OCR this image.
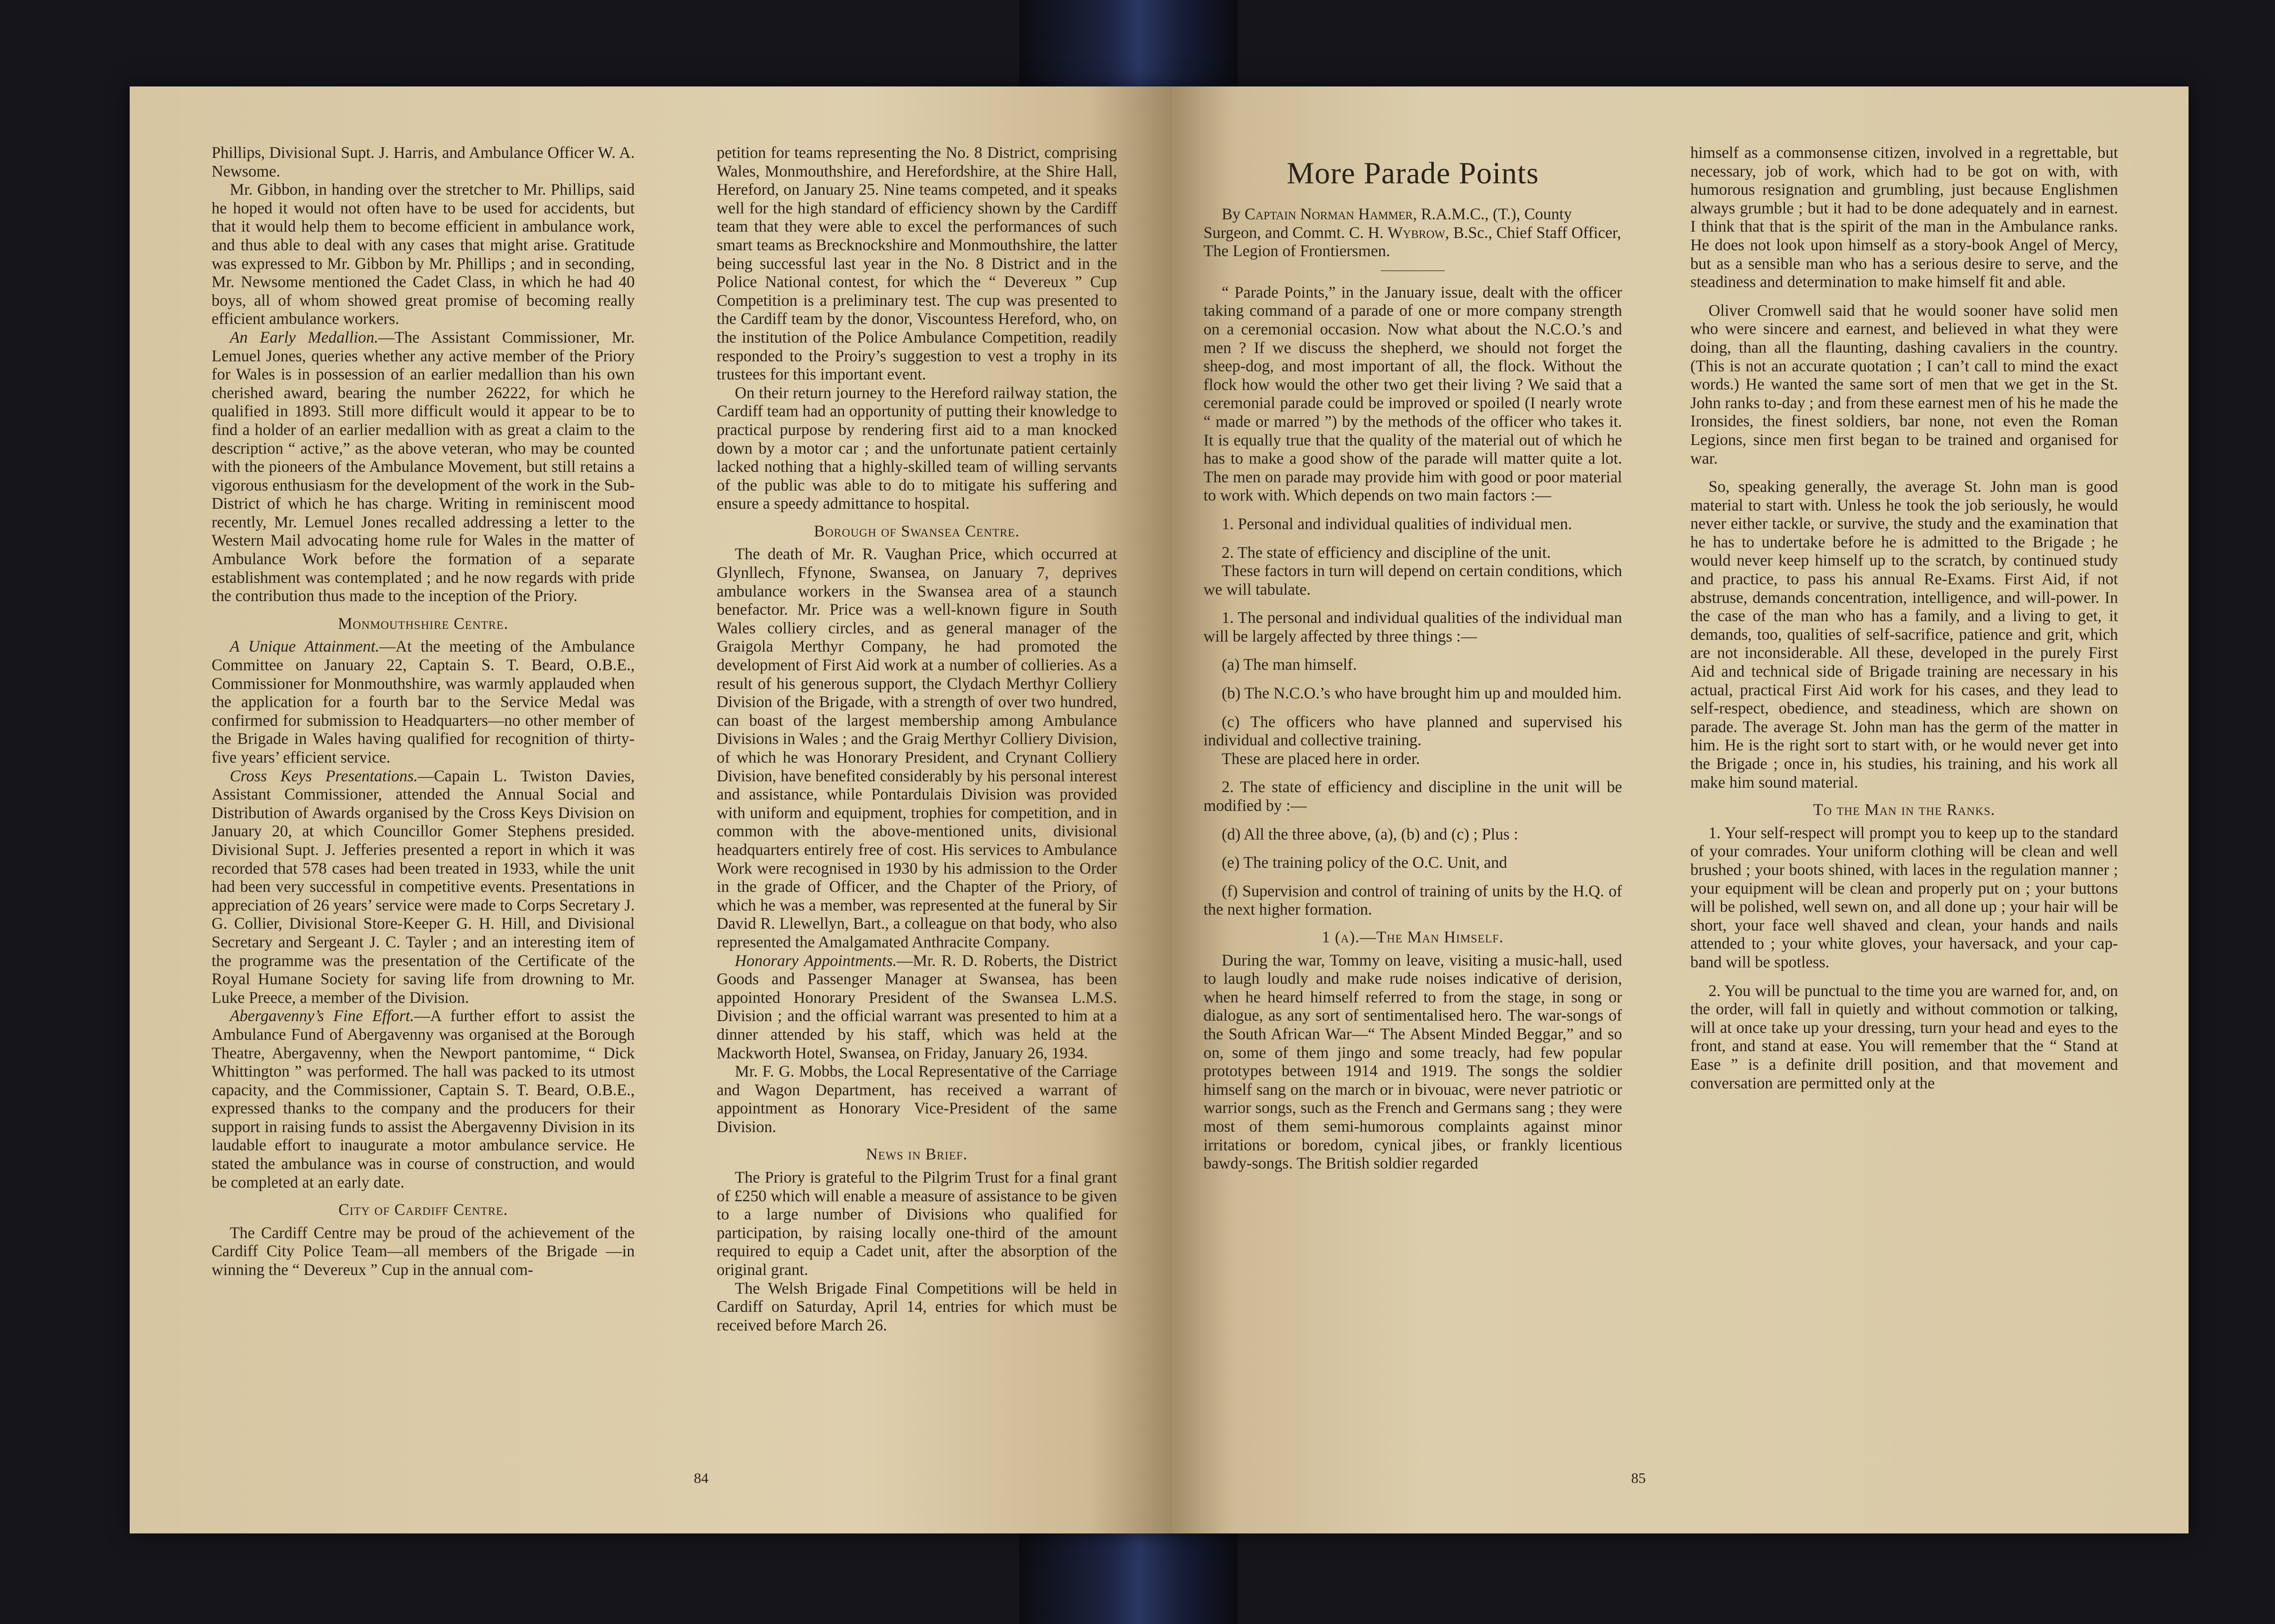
Phillips, Divisional Supt. J. Harris, and Ambulance Officer W. A. Newsome.

Mr. Gibbon, in handing over the stretcher to Mr. Phillips, said he hoped it would not often have to be used for accidents, but that it would help them to become efficient in ambulance work, and thus able to deal with any cases that might arise. Gratitude was expressed to Mr. Gibbon by Mr. Phillips ; and in seconding, Mr. Newsome mentioned the Cadet Class, in which he had 40 boys, all of whom showed great promise of becoming really efficient ambulance workers.

An Early Medallion.—The Assistant Commissioner, Mr. Lemuel Jones, queries whether any active member of the Priory for Wales is in possession of an earlier medallion than his own cherished award, bearing the number 26222, for which he qualified in 1893. Still more difficult would it appear to be to find a holder of an earlier medallion with as great a claim to the description “ active,” as the above veteran, who may be counted with the pioneers of the Ambulance Movement, but still retains a vigorous enthusiasm for the development of the work in the Sub-District of which he has charge. Writing in reminiscent mood recently, Mr. Lemuel Jones recalled addressing a letter to the Western Mail advocating home rule for Wales in the matter of Ambulance Work before the formation of a separate establishment was contemplated ; and he now regards with pride the contribution thus made to the inception of the Priory.

Monmouthshire Centre.

A Unique Attainment.—At the meeting of the Ambulance Committee on January 22, Captain S. T. Beard, O.B.E., Commissioner for Monmouthshire, was warmly applauded when the application for a fourth bar to the Service Medal was confirmed for submission to Headquarters—no other member of the Brigade in Wales having qualified for recognition of thirty-five years’ efficient service.

Cross Keys Presentations.—Capain L. Twiston Davies, Assistant Commissioner, attended the Annual Social and Distribution of Awards organised by the Cross Keys Division on January 20, at which Councillor Gomer Stephens presided. Divisional Supt. J. Jefferies presented a report in which it was recorded that 578 cases had been treated in 1933, while the unit had been very successful in competitive events. Presentations in appreciation of 26 years’ service were made to Corps Secretary J. G. Collier, Divisional Store-Keeper G. H. Hill, and Divisional Secretary and Sergeant J. C. Tayler ; and an interesting item of the programme was the presentation of the Certificate of the Royal Humane Society for saving life from drowning to Mr. Luke Preece, a member of the Division.

Abergavenny’s Fine Effort.—A further effort to assist the Ambulance Fund of Abergavenny was organised at the Borough Theatre, Abergavenny, when the Newport pantomime, “ Dick Whittington ” was performed. The hall was packed to its utmost capacity, and the Commissioner, Captain S. T. Beard, O.B.E., expressed thanks to the company and the producers for their support in raising funds to assist the Abergavenny Division in its laudable effort to inaugurate a motor ambulance service. He stated the ambulance was in course of construction, and would be completed at an early date.

City of Cardiff Centre.

The Cardiff Centre may be proud of the achievement of the Cardiff City Police Team—all members of the Brigade —in winning the “ Devereux ” Cup in the annual com-

petition for teams representing the No. 8 District, comprising Wales, Monmouthshire, and Herefordshire, at the Shire Hall, Hereford, on January 25. Nine teams competed, and it speaks well for the high standard of efficiency shown by the Cardiff team that they were able to excel the performances of such smart teams as Brecknockshire and Monmouthshire, the latter being successful last year in the No. 8 District and in the Police National contest, for which the “ Devereux ” Cup Competition is a preliminary test. The cup was presented to the Cardiff team by the donor, Viscountess Hereford, who, on the institution of the Police Ambulance Competition, readily responded to the Proiry’s suggestion to vest a trophy in its trustees for this important event.

On their return journey to the Hereford railway station, the Cardiff team had an opportunity of putting their knowledge to practical purpose by rendering first aid to a man knocked down by a motor car ; and the unfortunate patient certainly lacked nothing that a highly-skilled team of willing servants of the public was able to do to mitigate his suffering and ensure a speedy admittance to hospital.

Borough of Swansea Centre.

The death of Mr. R. Vaughan Price, which occurred at Glynllech, Ffynone, Swansea, on January 7, deprives ambulance workers in the Swansea area of a staunch benefactor. Mr. Price was a well-known figure in South Wales colliery circles, and as general manager of the Graigola Merthyr Company, he had promoted the development of First Aid work at a number of collieries. As a result of his generous support, the Clydach Merthyr Colliery Division of the Brigade, with a strength of over two hundred, can boast of the largest membership among Ambulance Divisions in Wales ; and the Graig Merthyr Colliery Division, of which he was Honorary President, and Crynant Colliery Division, have benefited considerably by his personal interest and assistance, while Pontardulais Division was provided with uniform and equipment, trophies for competition, and in common with the above-mentioned units, divisional headquarters entirely free of cost. His services to Ambulance Work were recognised in 1930 by his admission to the Order in the grade of Officer, and the Chapter of the Priory, of which he was a member, was represented at the funeral by Sir David R. Llewellyn, Bart., a colleague on that body, who also represented the Amalgamated Anthracite Company.

Honorary Appointments.—Mr. R. D. Roberts, the District Goods and Passenger Manager at Swansea, has been appointed Honorary President of the Swansea L.M.S. Division ; and the official warrant was presented to him at a dinner attended by his staff, which was held at the Mackworth Hotel, Swansea, on Friday, January 26, 1934.

Mr. F. G. Mobbs, the Local Representative of the Carriage and Wagon Department, has received a warrant of appointment as Honorary Vice-President of the same Division.

News in Brief.

The Priory is grateful to the Pilgrim Trust for a final grant of £250 which will enable a measure of assistance to be given to a large number of Divisions who qualified for participation, by raising locally one-third of the amount required to equip a Cadet unit, after the absorption of the original grant.

The Welsh Brigade Final Competitions will be held in Cardiff on Saturday, April 14, entries for which must be received before March 26.

84
More Parade Points

By Captain Norman Hammer, R.A.M.C., (T.), County Surgeon, and Commt. C. H. Wybrow, B.Sc., Chief Staff Officer, The Legion of Frontiersmen.

“ Parade Points,” in the January issue, dealt with the officer taking command of a parade of one or more company strength on a ceremonial occasion. Now what about the N.C.O.’s and men ? If we discuss the shepherd, we should not forget the sheep-dog, and most important of all, the flock. Without the flock how would the other two get their living ? We said that a ceremonial parade could be improved or spoiled (I nearly wrote “ made or marred ”) by the methods of the officer who takes it. It is equally true that the quality of the material out of which he has to make a good show of the parade will matter quite a lot. The men on parade may provide him with good or poor material to work with. Which depends on two main factors :—

1. Personal and individual qualities of individual men.

2. The state of efficiency and discipline of the unit.

These factors in turn will depend on certain conditions, which we will tabulate.

1. The personal and individual qualities of the individual man will be largely affected by three things :—

(a) The man himself.

(b) The N.C.O.’s who have brought him up and moulded him.

(c) The officers who have planned and supervised his individual and collective training.

These are placed here in order.

2. The state of efficiency and discipline in the unit will be modified by :—

(d) All the three above, (a), (b) and (c) ; Plus :

(e) The training policy of the O.C. Unit, and

(f) Supervision and control of training of units by the H.Q. of the next higher formation.

1 (a).—The Man Himself.

During the war, Tommy on leave, visiting a music-hall, used to laugh loudly and make rude noises indicative of derision, when he heard himself referred to from the stage, in song or dialogue, as any sort of sentimentalised hero. The war-songs of the South African War—“ The Absent Minded Beggar,” and so on, some of them jingo and some treacly, had few popular prototypes between 1914 and 1919. The songs the soldier himself sang on the march or in bivouac, were never patriotic or warrior songs, such as the French and Germans sang ; they were most of them semi-humorous complaints against minor irritations or boredom, cynical jibes, or frankly licentious bawdy-songs. The British soldier regarded

himself as a commonsense citizen, involved in a regrettable, but necessary, job of work, which had to be got on with, with humorous resignation and grumbling, just because Englishmen always grumble ; but it had to be done adequately and in earnest. I think that that is the spirit of the man in the Ambulance ranks. He does not look upon himself as a story-book Angel of Mercy, but as a sensible man who has a serious desire to serve, and the steadiness and determination to make himself fit and able.

Oliver Cromwell said that he would sooner have solid men who were sincere and earnest, and believed in what they were doing, than all the flaunting, dashing cavaliers in the country. (This is not an accurate quotation ; I can’t call to mind the exact words.) He wanted the same sort of men that we get in the St. John ranks to-day ; and from these earnest men of his he made the Ironsides, the finest soldiers, bar none, not even the Roman Legions, since men first began to be trained and organised for war.

So, speaking generally, the average St. John man is good material to start with. Unless he took the job seriously, he would never either tackle, or survive, the study and the examination that he has to undertake before he is admitted to the Brigade ; he would never keep himself up to the scratch, by continued study and practice, to pass his annual Re-Exams. First Aid, if not abstruse, demands concentration, intelligence, and will-power. In the case of the man who has a family, and a living to get, it demands, too, qualities of self-sacrifice, patience and grit, which are not inconsiderable. All these, developed in the purely First Aid and technical side of Brigade training are necessary in his actual, practical First Aid work for his cases, and they lead to self-respect, obedience, and steadiness, which are shown on parade. The average St. John man has the germ of the matter in him. He is the right sort to start with, or he would never get into the Brigade ; once in, his studies, his training, and his work all make him sound material.

To the Man in the Ranks.

1. Your self-respect will prompt you to keep up to the standard of your comrades. Your uniform clothing will be clean and well brushed ; your boots shined, with laces in the regulation manner ; your equipment will be clean and properly put on ; your buttons will be polished, well sewn on, and all done up ; your hair will be short, your face well shaved and clean, your hands and nails attended to ; your white gloves, your haversack, and your cap-band will be spotless.

2. You will be punctual to the time you are warned for, and, on the order, will fall in quietly and without commotion or talking, will at once take up your dressing, turn your head and eyes to the front, and stand at ease. You will remember that the “ Stand at Ease ” is a definite drill position, and that movement and conversation are permitted only at the

85
